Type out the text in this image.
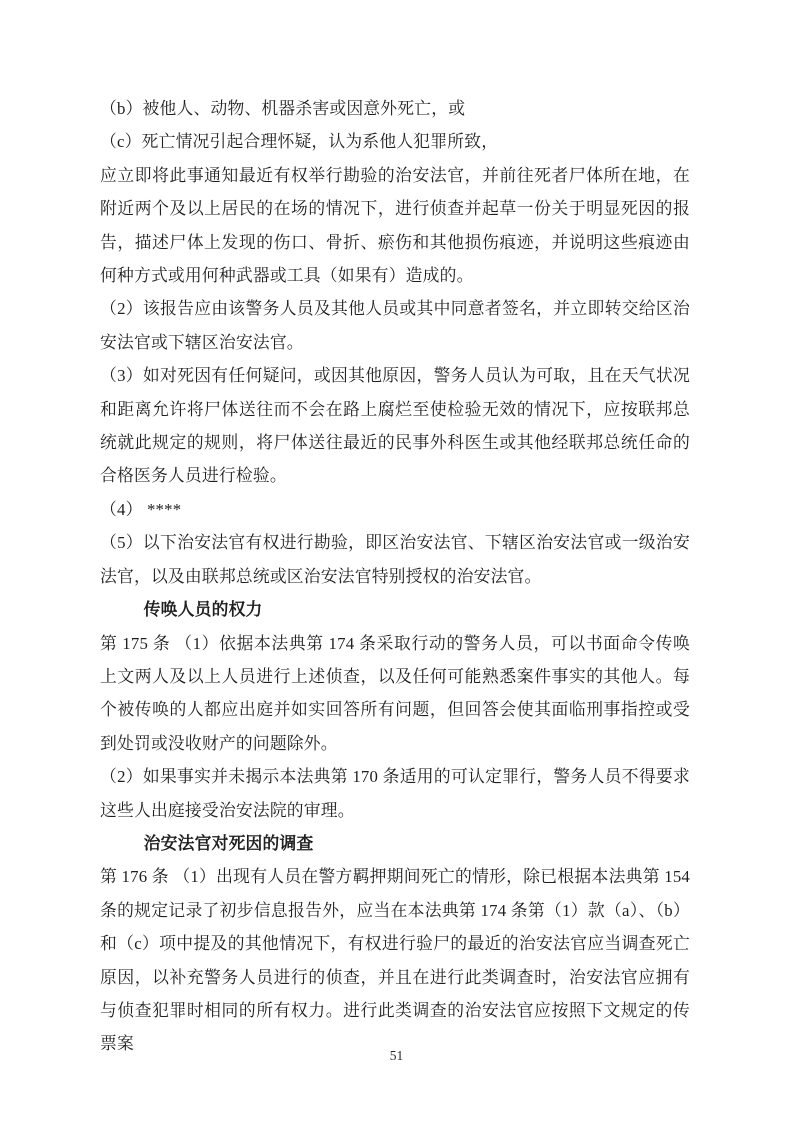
（b）被他人、动物、机器杀害或因意外死亡，或

（c）死亡情况引起合理怀疑，认为系他人犯罪所致，

应立即将此事通知最近有权举行勘验的治安法官，并前往死者尸体所在地，在附近两个及以上居民的在场的情况下，进行侦查并起草一份关于明显死因的报告，描述尸体上发现的伤口、骨折、瘀伤和其他损伤痕迹，并说明这些痕迹由何种方式或用何种武器或工具（如果有）造成的。

（2）该报告应由该警务人员及其他人员或其中同意者签名，并立即转交给区治安法官或下辖区治安法官。

（3）如对死因有任何疑问，或因其他原因，警务人员认为可取，且在天气状况和距离允许将尸体送往而不会在路上腐烂至使检验无效的情况下，应按联邦总统就此规定的规则，将尸体送往最近的民事外科医生或其他经联邦总统任命的合格医务人员进行检验。

（4） ****

（5）以下治安法官有权进行勘验，即区治安法官、下辖区治安法官或一级治安法官，以及由联邦总统或区治安法官特别授权的治安法官。

传唤人员的权力

第 175 条 （1）依据本法典第 174 条采取行动的警务人员，可以书面命令传唤上文两人及以上人员进行上述侦查，以及任何可能熟悉案件事实的其他人。每个被传唤的人都应出庭并如实回答所有问题，但回答会使其面临刑事指控或受到处罚或没收财产的问题除外。

（2）如果事实并未揭示本法典第 170 条适用的可认定罪行，警务人员不得要求这些人出庭接受治安法院的审理。

治安法官对死因的调查

第 176 条 （1）出现有人员在警方羁押期间死亡的情形，除已根据本法典第 154 条的规定记录了初步信息报告外，应当在本法典第 174 条第（1）款（a）、（b）和（c）项中提及的其他情况下，有权进行验尸的最近的治安法官应当调查死亡原因，以补充警务人员进行的侦查，并且在进行此类调查时，治安法官应拥有与侦查犯罪时相同的所有权力。进行此类调查的治安法官应按照下文规定的传票案

51
